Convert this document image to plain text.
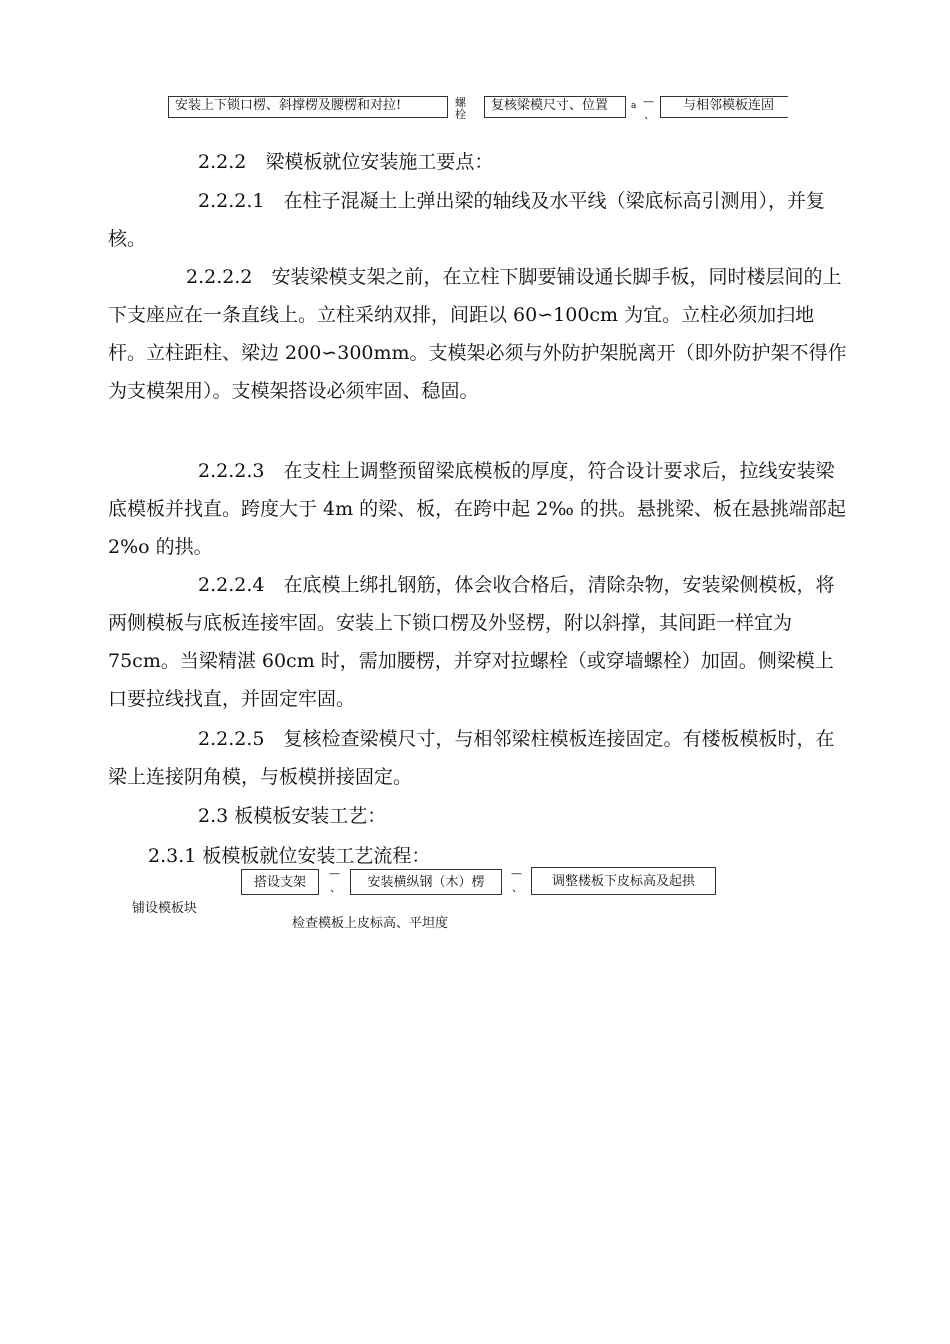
安装上下锁口楞、斜撑楞及腰楞和对拉!	螺栓
复核梁模尺寸、位置	a —
、
与相邻模板连固
2.2.2　梁模板就位安装施工要点：

2.2.2.1　在柱子混凝土上弹出梁的轴线及水平线（梁底标高引测用），并复核。

2.2.2.2　安装梁模支架之前，在立柱下脚要铺设通长脚手板，同时楼层间的上下支座应在一条直线上。立柱采纳双排，间距以 60∽100cm 为宜。立柱必须加扫地杆。立柱距柱、梁边 200∽300mm。支模架必须与外防护架脱离开（即外防护架不得作为支模架用）。支模架搭设必须牢固、稳固。

2.2.2.3　在支柱上调整预留梁底模板的厚度，符合设计要求后，拉线安装梁底模板并找直。跨度大于 4m 的梁、板，在跨中起 2‰ 的拱。悬挑梁、板在悬挑端部起 2%o 的拱。

2.2.2.4　在底模上绑扎钢筋，体会收合格后，清除杂物，安装梁侧模板，将两侧模板与底板连接牢固。安装上下锁口楞及外竖楞，附以斜撑，其间距一样宜为 75cm。当梁精湛 60cm 时，需加腰楞，并穿对拉螺栓（或穿墙螺栓）加固。侧梁模上口要拉线找直，并固定牢固。

2.2.2.5　复核检查梁模尺寸，与相邻梁柱模板连接固定。有楼板模板时，在梁上连接阴角模，与板模拼接固定。

2.3 板模板安装工艺：
2.3.1 板模板就位安装工艺流程：
铺设模板块
搭设支架
—
、	安装横纵钢（木）楞
—
、	调整楼板下皮标高及起拱
检查模板上皮标高、平坦度
